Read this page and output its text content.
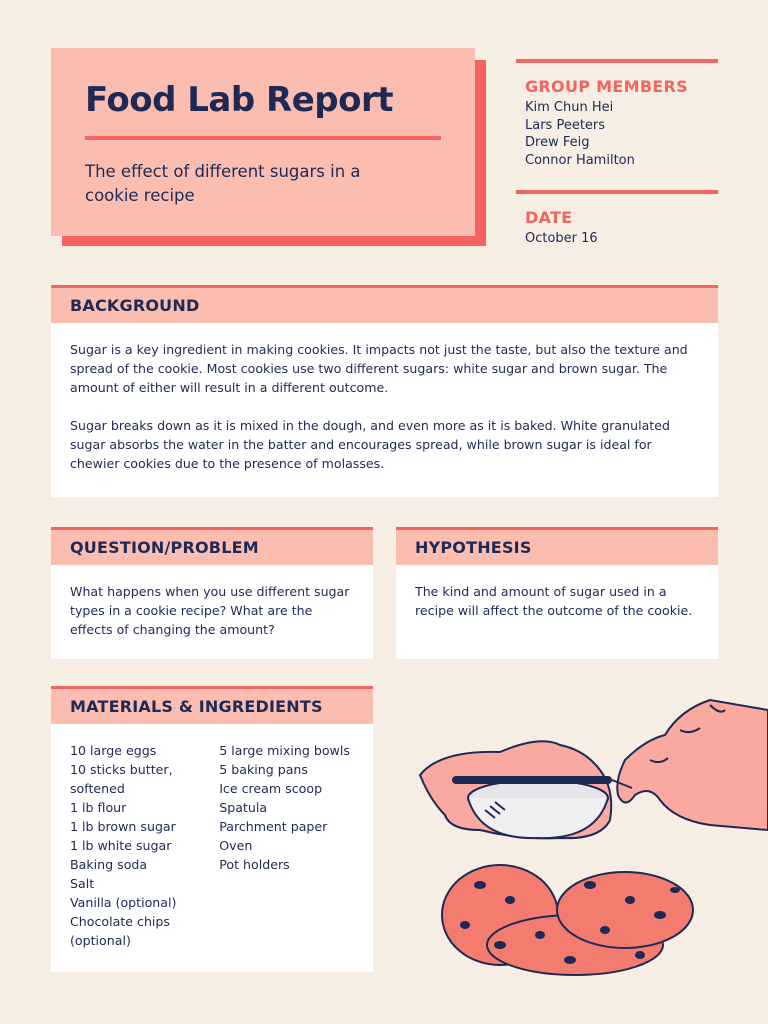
Food Lab Report
The effect of different sugars in a cookie recipe
GROUP MEMBERS
Kim Chun Hei
Lars Peeters
Drew Feig
Connor Hamilton
DATE
October 16
BACKGROUND

Sugar is a key ingredient in making cookies. It impacts not just the taste, but also the texture and spread of the cookie. Most cookies use two different sugars: white sugar and brown sugar. The amount of either will result in a different outcome.

Sugar breaks down as it is mixed in the dough, and even more as it is baked. White granulated sugar absorbs the water in the batter and encourages spread, while brown sugar is ideal for chewier cookies due to the presence of molasses.

QUESTION/PROBLEM

What happens when you use different sugar types in a cookie recipe? What are the effects of changing the amount?

HYPOTHESIS

The kind and amount of sugar used in a recipe will affect the outcome of the cookie.

MATERIALS & INGREDIENTS
10 large eggs
10 sticks butter, softened
1 lb flour
1 lb brown sugar
1 lb white sugar
Baking soda
Salt
Vanilla (optional)
Chocolate chips (optional)
5 large mixing bowls
5 baking pans
Ice cream scoop
Spatula
Parchment paper
Oven
Pot holders
